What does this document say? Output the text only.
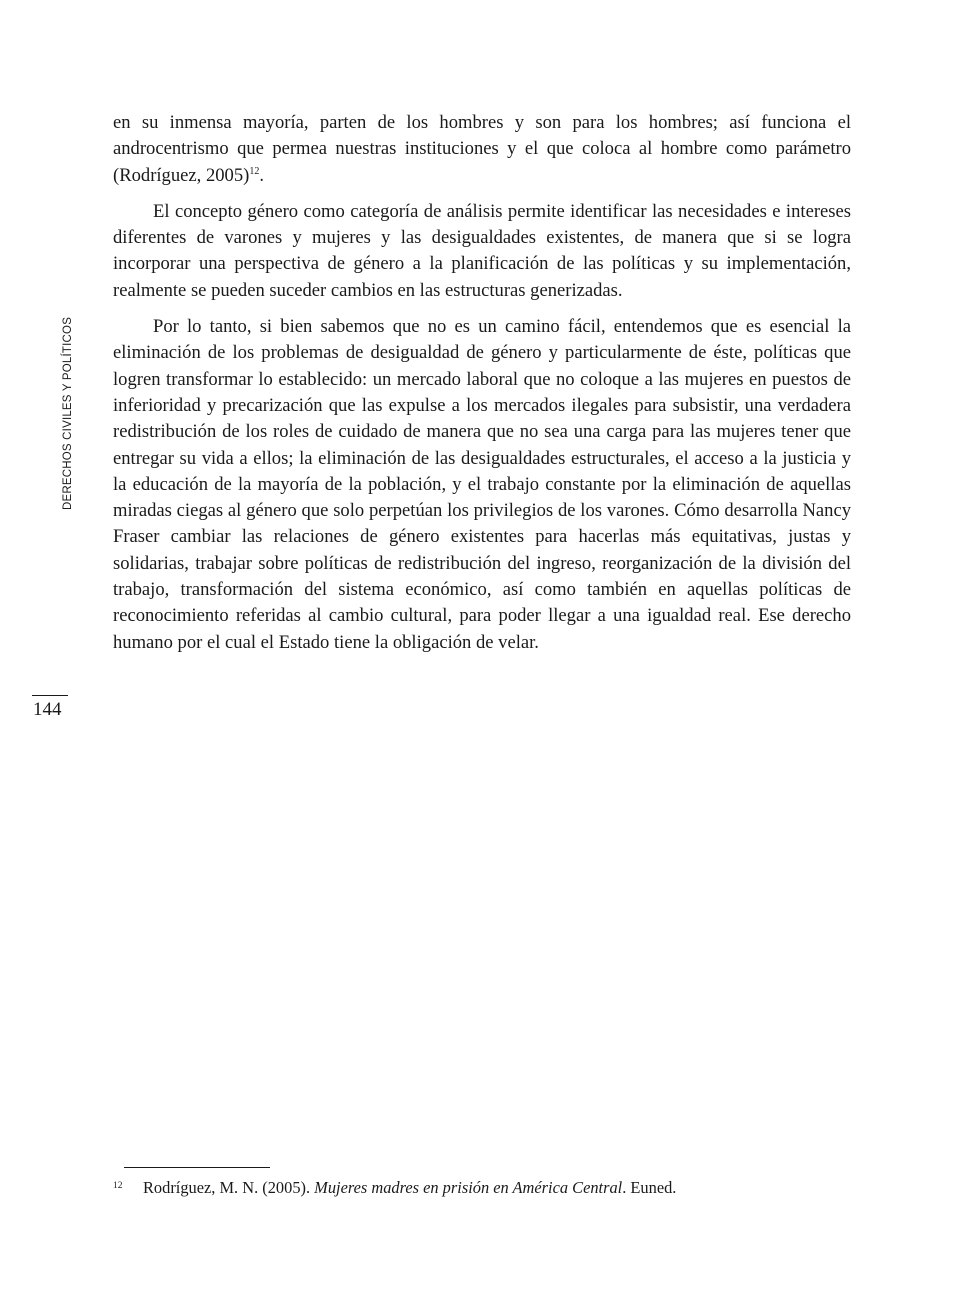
DERECHOS CIVILES Y POLÍTICOS
144

en su inmensa mayoría, parten de los hombres y son para los hombres; así funciona el androcentrismo que permea nuestras instituciones y el que coloca al hombre como parámetro (Rodríguez, 2005)$^{12}$.

El concepto género como categoría de análisis permite identificar las necesidades e intereses diferentes de varones y mujeres y las desigualdades existentes, de manera que si se logra incorporar una perspectiva de género a la planificación de las políticas y su implementación, realmente se pueden suceder cambios en las estructuras generizadas.

Por lo tanto, si bien sabemos que no es un camino fácil, entendemos que es esencial la eliminación de los problemas de desigualdad de género y particularmente de éste, políticas que logren transformar lo establecido: un mercado laboral que no coloque a las mujeres en puestos de inferioridad y precarización que las expulse a los mercados ilegales para subsistir, una verdadera redistribución de los roles de cuidado de manera que no sea una carga para las mujeres tener que entregar su vida a ellos; la eliminación de las desigualdades estructurales, el acceso a la justicia y la educación de la mayoría de la población, y el trabajo constante por la eliminación de aquellas miradas ciegas al género que solo perpetúan los privilegios de los varones. Cómo desarrolla Nancy Fraser cambiar las relaciones de género existentes para hacerlas más equitativas, justas y solidarias, trabajar sobre políticas de redistribución del ingreso, reorganización de la división del trabajo, transformación del sistema económico, así como también en aquellas políticas de reconocimiento referidas al cambio cultural, para poder llegar a una igualdad real. Ese derecho humano por el cual el Estado tiene la obligación de velar.

12 Rodríguez, M. N. (2005). Mujeres madres en prisión en América Central. Euned.
